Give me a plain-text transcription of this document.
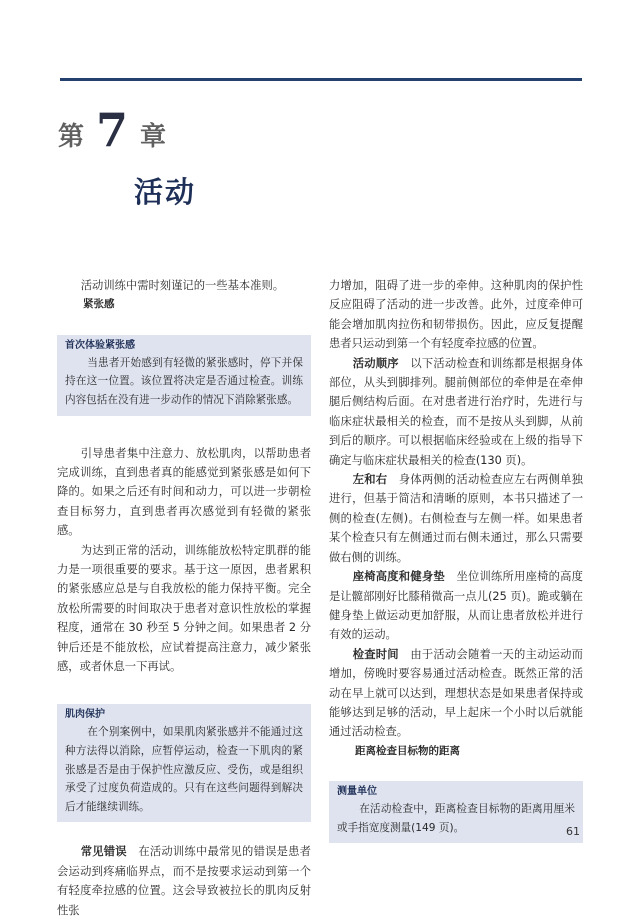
第 7 章
活动

活动训练中需时刻谨记的一些基本准则。

紧张感

首次体验紧张感

当患者开始感到有轻微的紧张感时，停下并保持在这一位置。该位置将决定是否通过检查。训练内容包括在没有进一步动作的情况下消除紧张感。

引导患者集中注意力、放松肌肉，以帮助患者完成训练，直到患者真的能感觉到紧张感是如何下降的。如果之后还有时间和动力，可以进一步朝检查目标努力，直到患者再次感觉到有轻微的紧张感。

为达到正常的活动，训练能放松特定肌群的能力是一项很重要的要求。基于这一原因，患者累积的紧张感应总是与自我放松的能力保持平衡。完全放松所需要的时间取决于患者对意识性放松的掌握程度，通常在 30 秒至 5 分钟之间。如果患者 2 分钟后还是不能放松，应试着提高注意力，减少紧张感，或者休息一下再试。

肌肉保护

在个别案例中，如果肌肉紧张感并不能通过这种方法得以消除，应暂停运动，检查一下肌肉的紧张感是否是由于保护性应激反应、受伤，或是组织承受了过度负荷造成的。只有在这些问题得到解决后才能继续训练。

常见错误　 在活动训练中最常见的错误是患者会运动到疼痛临界点，而不是按要求运动到第一个有轻度牵拉感的位置。这会导致被拉长的肌肉反射性张

力增加，阻碍了进一步的牵伸。这种肌肉的保护性反应阻碍了活动的进一步改善。此外，过度牵伸可能会增加肌肉拉伤和韧带损伤。因此，应反复提醒患者只运动到第一个有轻度牵拉感的位置。

活动顺序　 以下活动检查和训练都是根据身体部位，从头到脚排列。腿前侧部位的牵伸是在牵伸腿后侧结构后面。在对患者进行治疗时，先进行与临床症状最相关的检查，而不是按从头到脚，从前到后的顺序。可以根据临床经验或在上级的指导下确定与临床症状最相关的检查(130 页)。

左和右　 身体两侧的活动检查应左右两侧单独进行，但基于简洁和清晰的原则，本书只描述了一侧的检查(左侧)。右侧检查与左侧一样。如果患者某个检查只有左侧通过而右侧未通过，那么只需要做右侧的训练。

座椅高度和健身垫　 坐位训练所用座椅的高度是让髋部刚好比膝稍微高一点儿(25 页)。跪或躺在健身垫上做运动更加舒服，从而让患者放松并进行有效的运动。

检查时间　 由于活动会随着一天的主动运动而增加，傍晚时要容易通过活动检查。既然正常的活动在早上就可以达到，理想状态是如果患者保持或能够达到足够的活动，早上起床一个小时以后就能通过活动检查。

距离检查目标物的距离

测量单位

在活动检查中，距离检查目标物的距离用厘米或手指宽度测量(149 页)。	61
